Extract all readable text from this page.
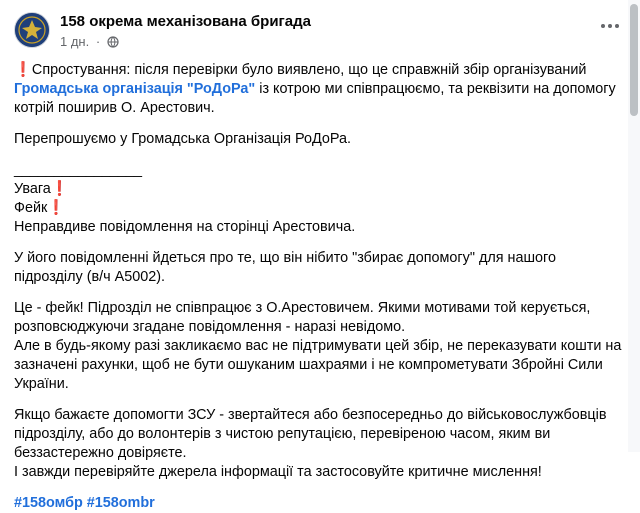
158 окрема механізована бригада
1 дн. ·

❗Спростування: після перевірки було виявлено, що це справжній збір організуваний
Громадська організація "РоДоРа" із котрою ми співпрацюємо, та реквізити на допомогу
котрій поширив О. Арестович.

Перепрошуємо у Громадська Організація РоДоРа.

________________

Увага❗

Фейк❗

Неправдиве повідомлення на сторінці Арестовича.

У його повідомленні йдеться про те, що він нібито "збирає допомогу" для нашого підрозділу (в/ч А5002).

Це - фейк! Підрозділ не співпрацює з О.Арестовичем. Якими мотивами той керується, розповсюджуючи згадане повідомлення - наразі невідомо.

Але в будь-якому разі закликаємо вас не підтримувати цей збір, не переказувати кошти на зазначені рахунки, щоб не бути ошуканим шахраями і не компрометувати Збройні Сили України.

Якщо бажаєте допомогти ЗСУ - звертайтеся або безпосередньо до військовослужбовців підрозділу, або до волонтерів з чистою репутацією, перевіреною часом, яким ви беззастережно довіряєте.

І завжди перевіряйте джерела інформації та застосовуйте критичне мислення!

#158омбр #158ombr
